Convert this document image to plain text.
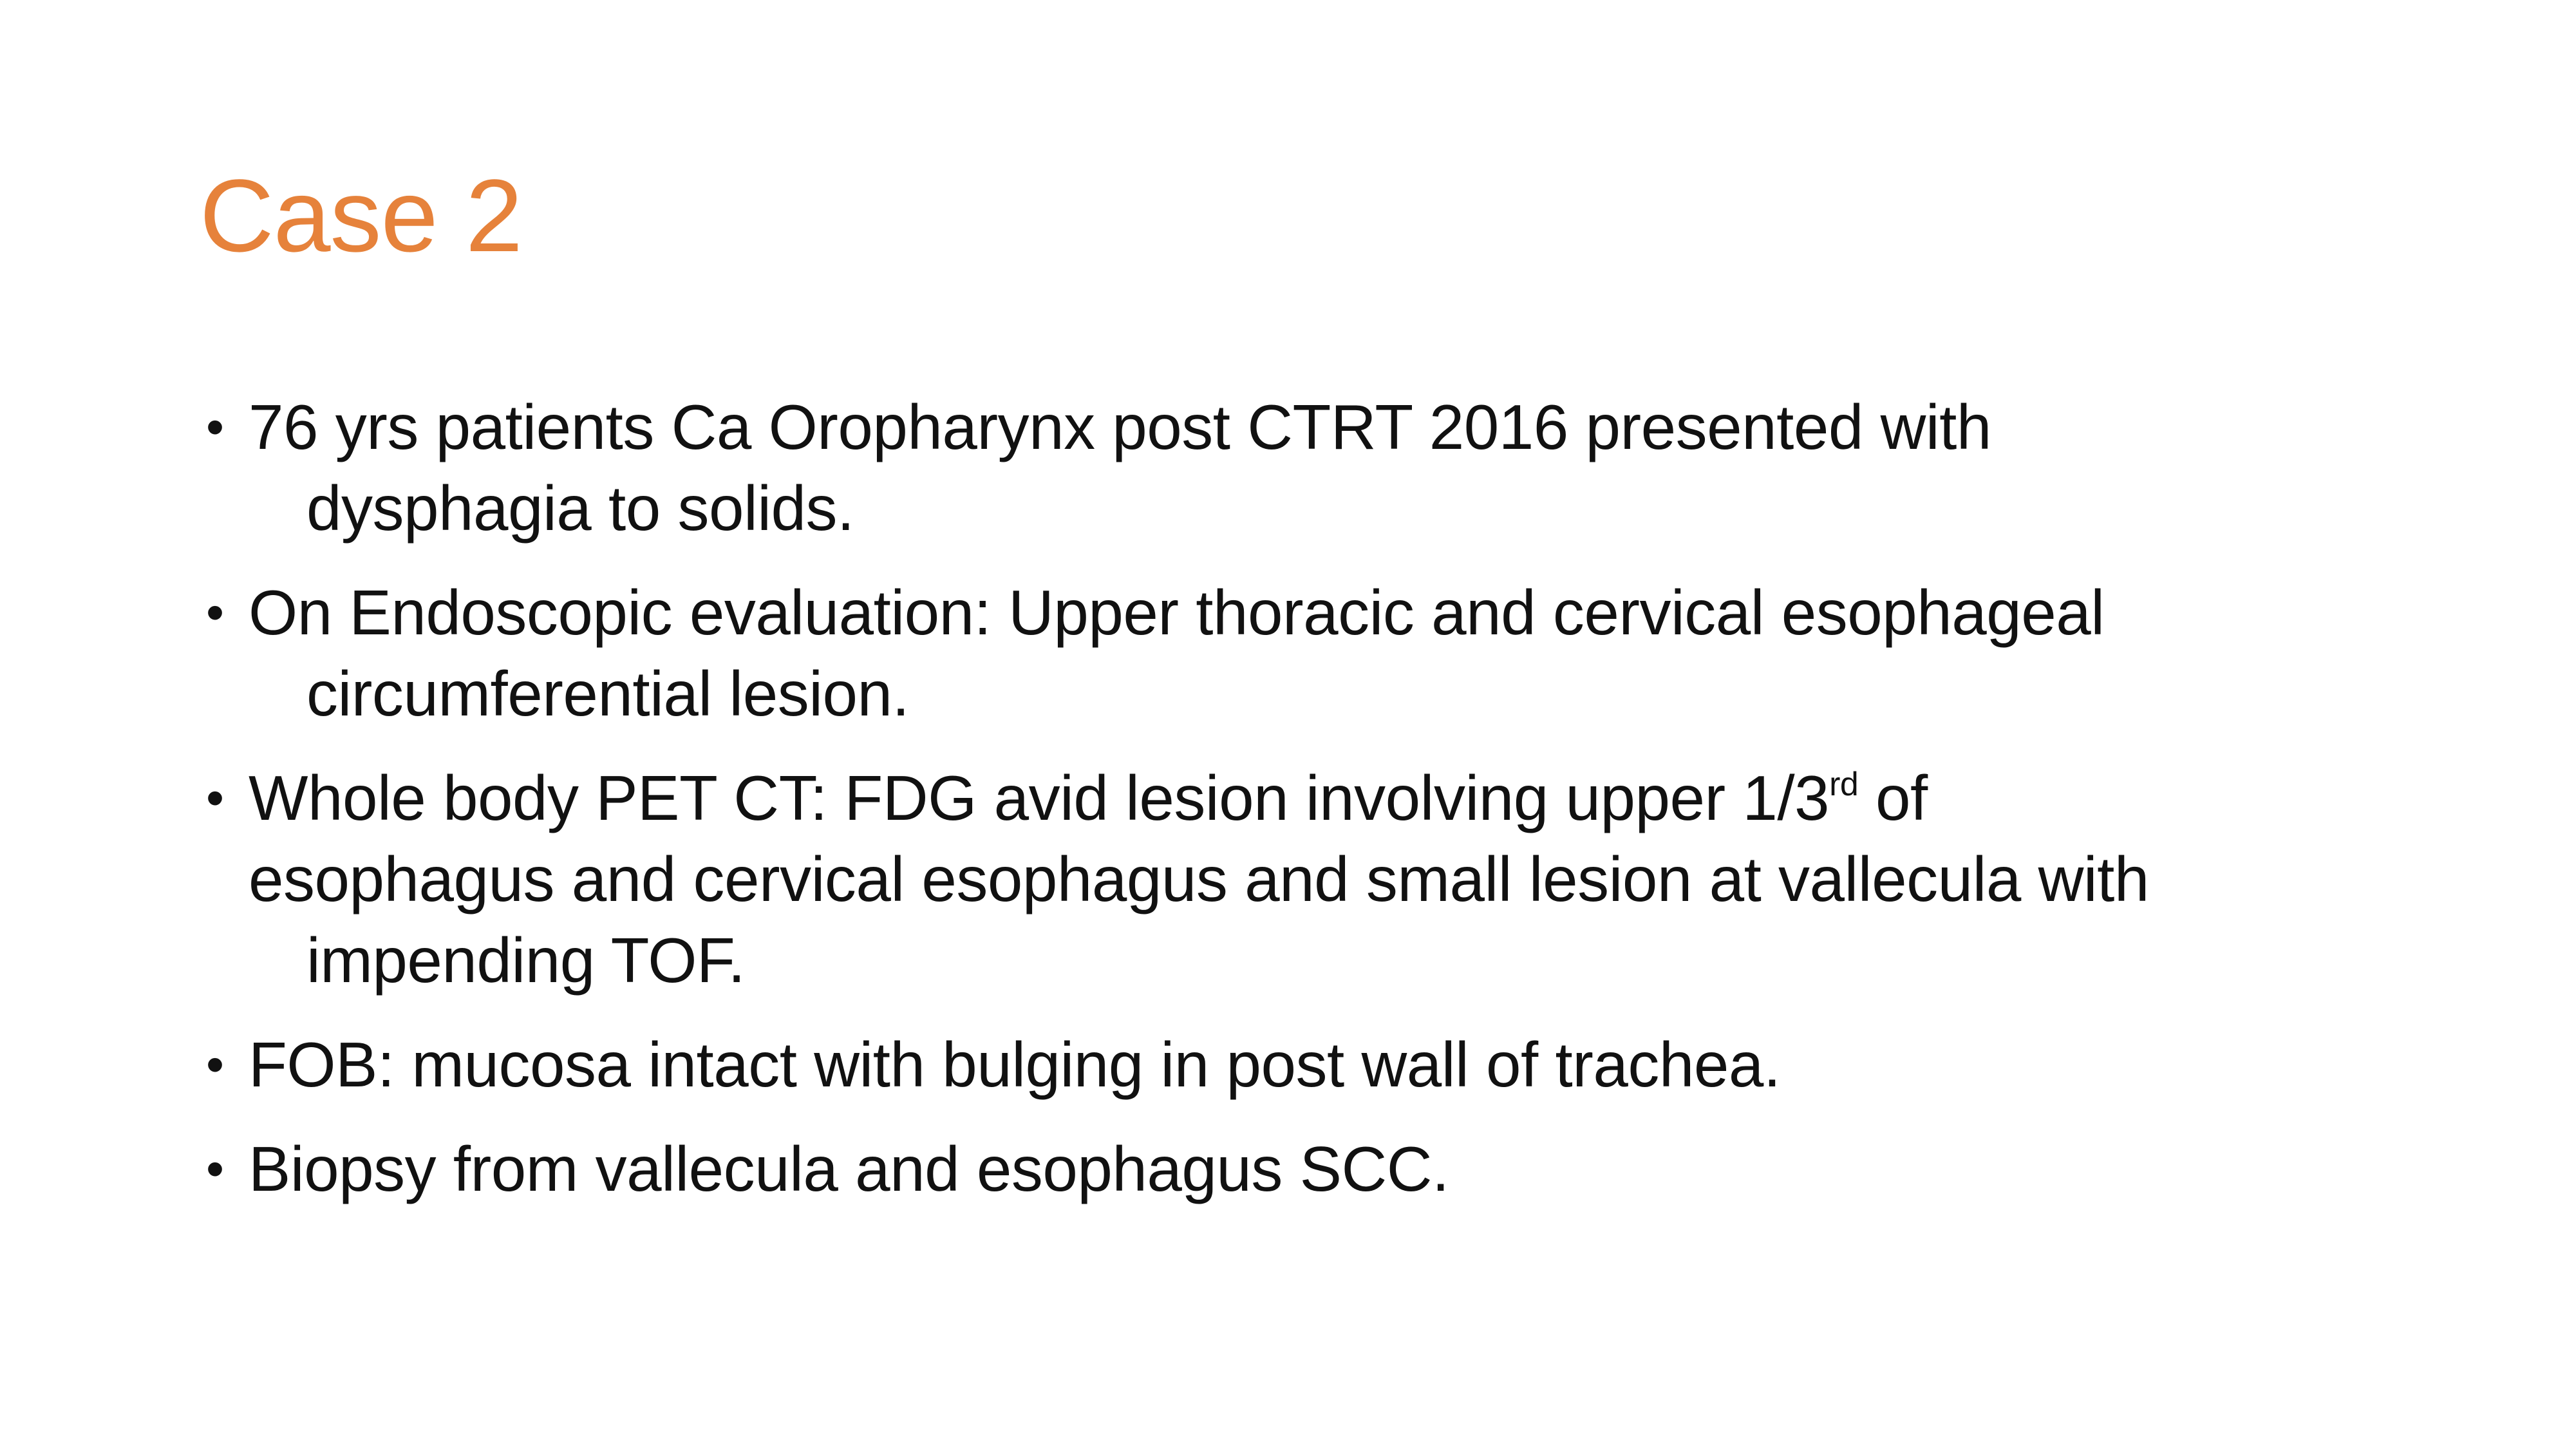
Case 2
• 76 yrs patients Ca Oropharynx post CTRT 2016 presented with
dysphagia to solids.
• On Endoscopic evaluation: Upper thoracic and cervical esophageal
circumferential lesion.
• Whole body PET CT: FDG avid lesion involving upper 1/3rd of
esophagus and cervical esophagus and small lesion at vallecula with
impending TOF.
• FOB: mucosa intact with bulging in post wall of trachea.
• Biopsy from vallecula and esophagus SCC.
